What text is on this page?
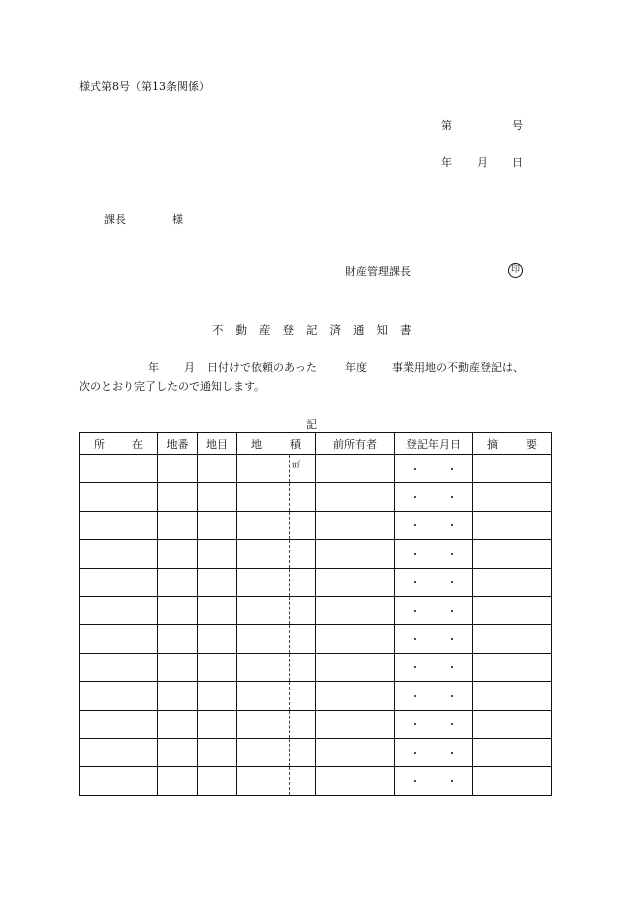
様式第8号（第13条関係）
第	号
年 月 日
課長	様
財産管理課長	印
不動産登記済通知書
年 月 日付けで依頼のあった	年度 事業用地の不動産登記は、
次のとおり完了したので通知します。
記
所 在	地番	地目	地 積	前所有者	登記年月日	摘 要

			㎡		・ ・	

					・ ・	

					・ ・	

					・ ・	

					・ ・	

					・ ・	

					・ ・	

					・ ・	

					・ ・	

					・ ・	

					・ ・	

					・ ・	
